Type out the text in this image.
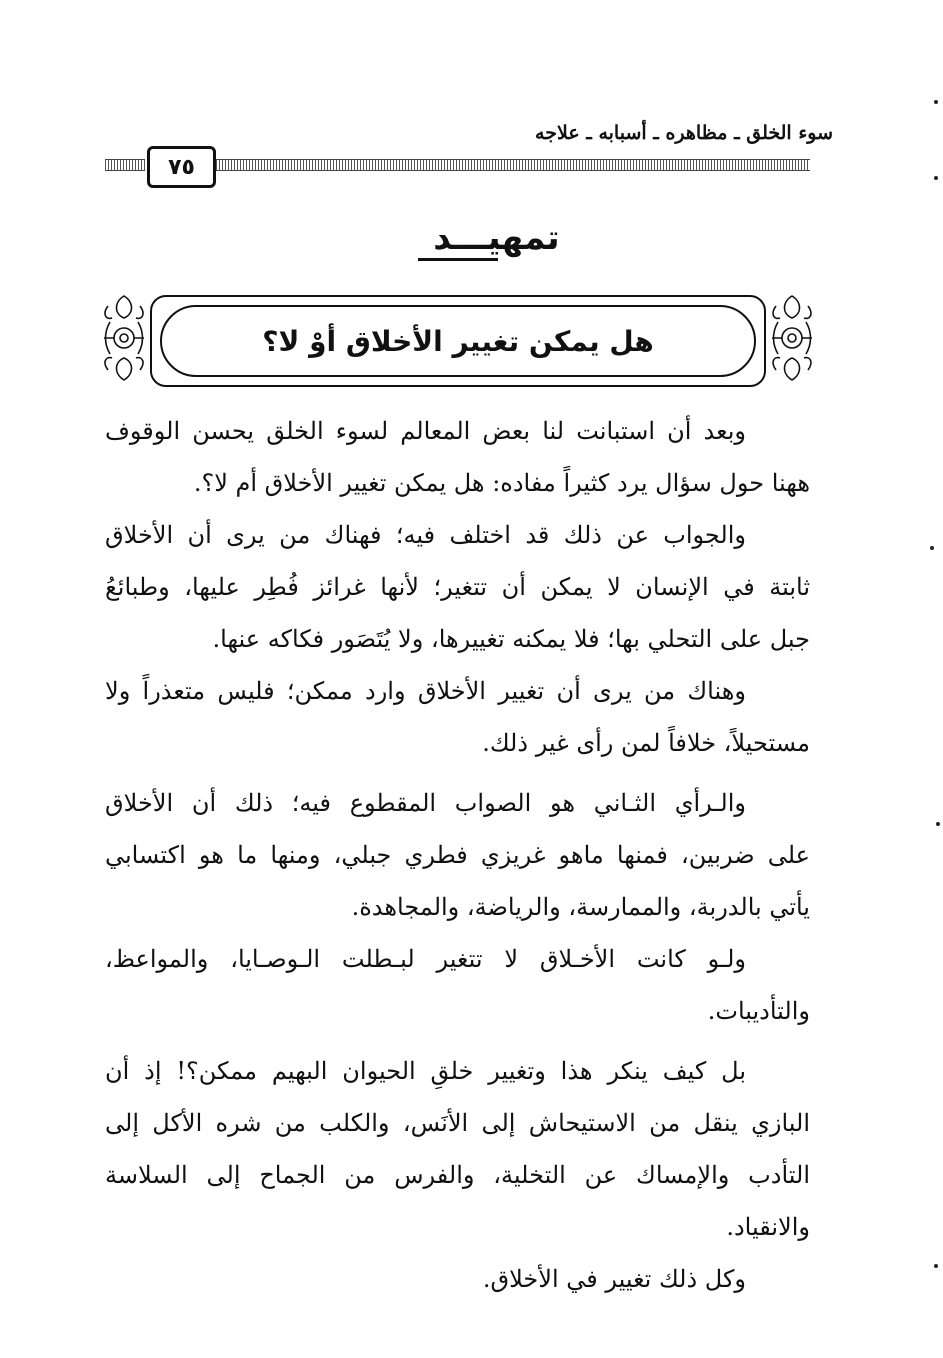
سوء الخلق ـ مظاهره ـ أسبابه ـ علاجه
٧٥
تمهيـــد
هل يمكن تغيير الأخلاق أوْ لا؟
وبعد أن استبانت لنا بعض المعالم لسوء الخلق يحسن الوقوف
ههنا حول سؤال يرد كثيراً مفاده: هل يمكن تغيير الأخلاق أم لا؟.
والجواب عن ذلك قد اختلف فيه؛ فهناك من يرى أن الأخلاق
ثابتة في الإنسان لا يمكن أن تتغير؛ لأنها غرائز فُطِر عليها، وطبائعُ
جبل على التحلي بها؛ فلا يمكنه تغييرها، ولا يُتَصَور فكاكه عنها.
وهناك من يرى أن تغيير الأخلاق وارد ممكن؛ فليس متعذراً ولا
مستحيلاً، خلافاً لمن رأى غير ذلك.
والـرأي الثـاني هو الصواب المقطوع فيه؛ ذلك أن الأخلاق
على ضربين، فمنها ماهو غريزي فطري جبلي، ومنها ما هو اكتسابي
يأتي بالدربة، والممارسة، والرياضة، والمجاهدة.
ولـو كانت الأخـلاق لا تتغير لبـطلت الـوصـايا، والمواعظ،
والتأديبات.
بل كيف ينكر هذا وتغيير خلقِ الحيوان البهيم ممكن؟! إذ أن
البازي ينقل من الاستيحاش إلى الأنَس، والكلب من شره الأكل إلى
التأدب والإمساك عن التخلية، والفرس من الجماح إلى السلاسة
والانقياد.
وكل ذلك تغيير في الأخلاق.
